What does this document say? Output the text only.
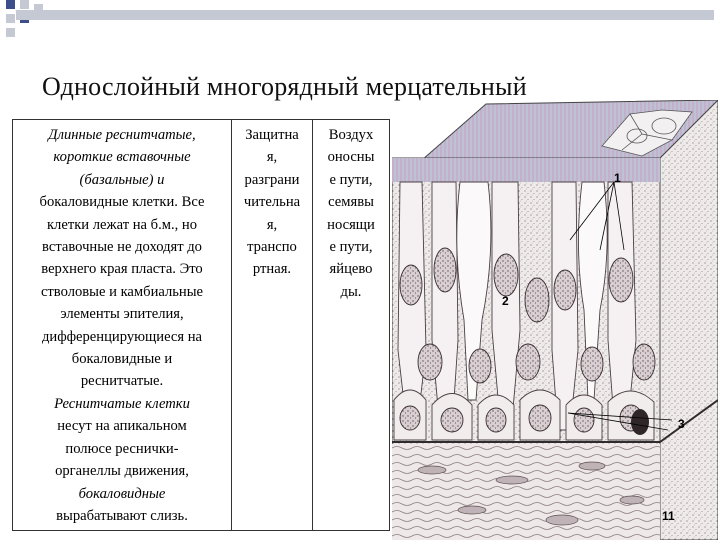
Однослойный многорядный мерцательный
Длинные реснитчатые,
короткие вставочные
(базальные) и
бокаловидные клетки. Все
клетки лежат на б.м., но
вставочные не доходят до
верхнего края пласта. Это
стволовые и камбиальные
элементы эпителия,
дифференцирующиеся на
бокаловидные и
реснитчатые.
Реснитчатые клетки
несут на апикальном
полюсе реснички-
органеллы движения,
бокаловидные
вырабатывают слизь.
Защитна
я,
разграни
чительна
я,
транспо
ртная.
Воздух
оносны
е пути,
семявы
носящи
е пути,
яйцево
ды.
1
2
3
11
